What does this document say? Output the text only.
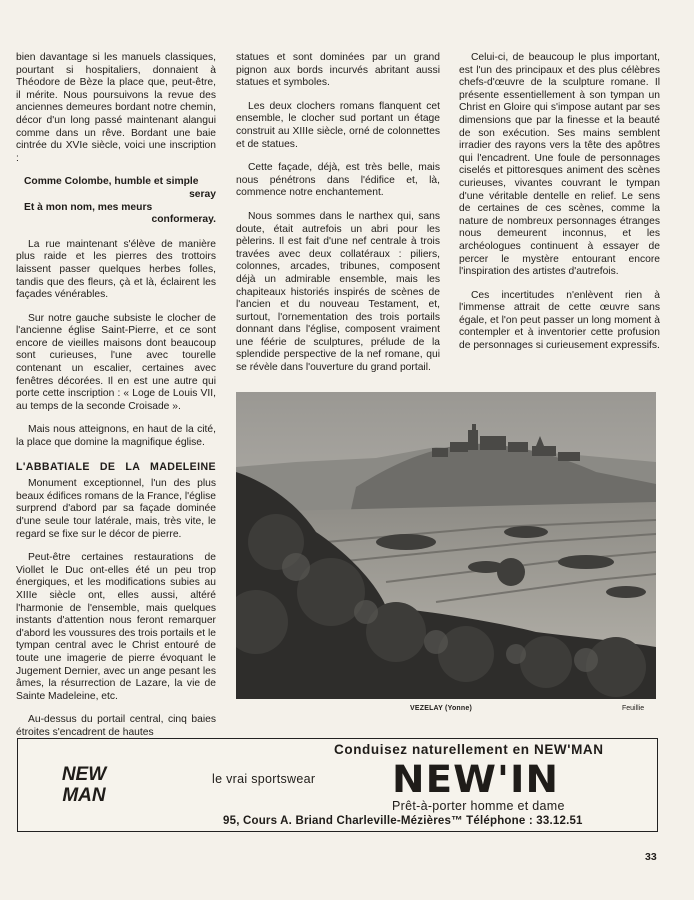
bien davantage si les manuels classiques, pourtant si hospitaliers, donnaient à Théodore de Bèze la place que, peut-être, il mérite. Nous poursuivons la revue des anciennes demeures bordant notre chemin, décor d'un long passé maintenant alangui comme dans un rêve. Bordant une baie cintrée du XVIe siècle, voici une inscription :

Comme Colombe, humble et simple
seray
Et à mon nom, mes meurs
conformeray.

La rue maintenant s'élève de manière plus raide et les pierres des trottoirs laissent passer quelques herbes folles, tandis que des fleurs, çà et là, éclairent les façades vénérables.

Sur notre gauche subsiste le clocher de l'ancienne église Saint-Pierre, et ce sont encore de vieilles maisons dont beaucoup sont curieuses, l'une avec tourelle contenant un escalier, certaines avec fenêtres décorées. Il en est une autre qui porte cette inscription : « Loge de Louis VII, au temps de la seconde Croisade ».

Mais nous atteignons, en haut de la cité, la place que domine la magnifique église.

L'ABBATIALE DE LA MADELEINE

Monument exceptionnel, l'un des plus beaux édifices romans de la France, l'église surprend d'abord par sa façade dominée d'une seule tour latérale, mais, très vite, le regard se fixe sur le décor de pierre.

Peut-être certaines restaurations de Viollet le Duc ont-elles été un peu trop énergiques, et les modifications subies au XIIIe siècle ont, elles aussi, altéré l'harmonie de l'ensemble, mais quelques instants d'attention nous feront remarquer d'abord les voussures des trois portails et le tympan central avec le Christ entouré de toute une imagerie de pierre évoquant le Jugement Dernier, avec un ange pesant les âmes, la résurrection de Lazare, la vie de Sainte Madeleine, etc.

Au-dessus du portail central, cinq baies étroites s'encadrent de hautes

statues et sont dominées par un grand pignon aux bords incurvés abritant aussi statues et symboles.

Les deux clochers romans flanquent cet ensemble, le clocher sud portant un étage construit au XIIIe siècle, orné de colonnettes et de statues.

Cette façade, déjà, est très belle, mais nous pénétrons dans l'édifice et, là, commence notre enchantement.

Nous sommes dans le narthex qui, sans doute, était autrefois un abri pour les pèlerins. Il est fait d'une nef centrale à trois travées avec deux collatéraux : piliers, colonnes, arcades, tribunes, composent déjà un admirable ensemble, mais les chapiteaux historiés inspirés de scènes de l'ancien et du nouveau Testament, et, surtout, l'ornementation des trois portails donnant dans l'église, composent vraiment une féérie de sculptures, prélude de la splendide perspective de la nef romane, qui se révèle dans l'ouverture du grand portail.

Celui-ci, de beaucoup le plus important, est l'un des principaux et des plus célèbres chefs-d'œuvre de la sculpture romane. Il présente essentiellement à son tympan un Christ en Gloire qui s'impose autant par ses dimensions que par la finesse et la beauté de son exécution. Ses mains semblent irradier des rayons vers la tête des apôtres qui l'encadrent. Une foule de personnages ciselés et pittoresques animent des scènes curieuses, vivantes couvrant le tympan d'une véritable dentelle en relief. Le sens de certaines de ces scènes, comme la nature de nombreux personnages étranges nous demeurent inconnus, et les archéologues continuent à essayer de percer le mystère entourant encore l'inspiration des artistes d'autrefois.

Ces incertitudes n'enlèvent rien à l'immense attrait de cette œuvre sans égale, et l'on peut passer un long moment à contempler et à inventorier cette profusion de personnages si curieusement expressifs.

VEZELAY (Yonne)	Feuillie
Conduisez naturellement en NEW'MAN
NEW
MAN
le vrai sportswear NEW'IN
Prêt-à-porter homme et dame
95, Cours A. Briand Charleville-Mézières™ Téléphone : 33.12.51
33
